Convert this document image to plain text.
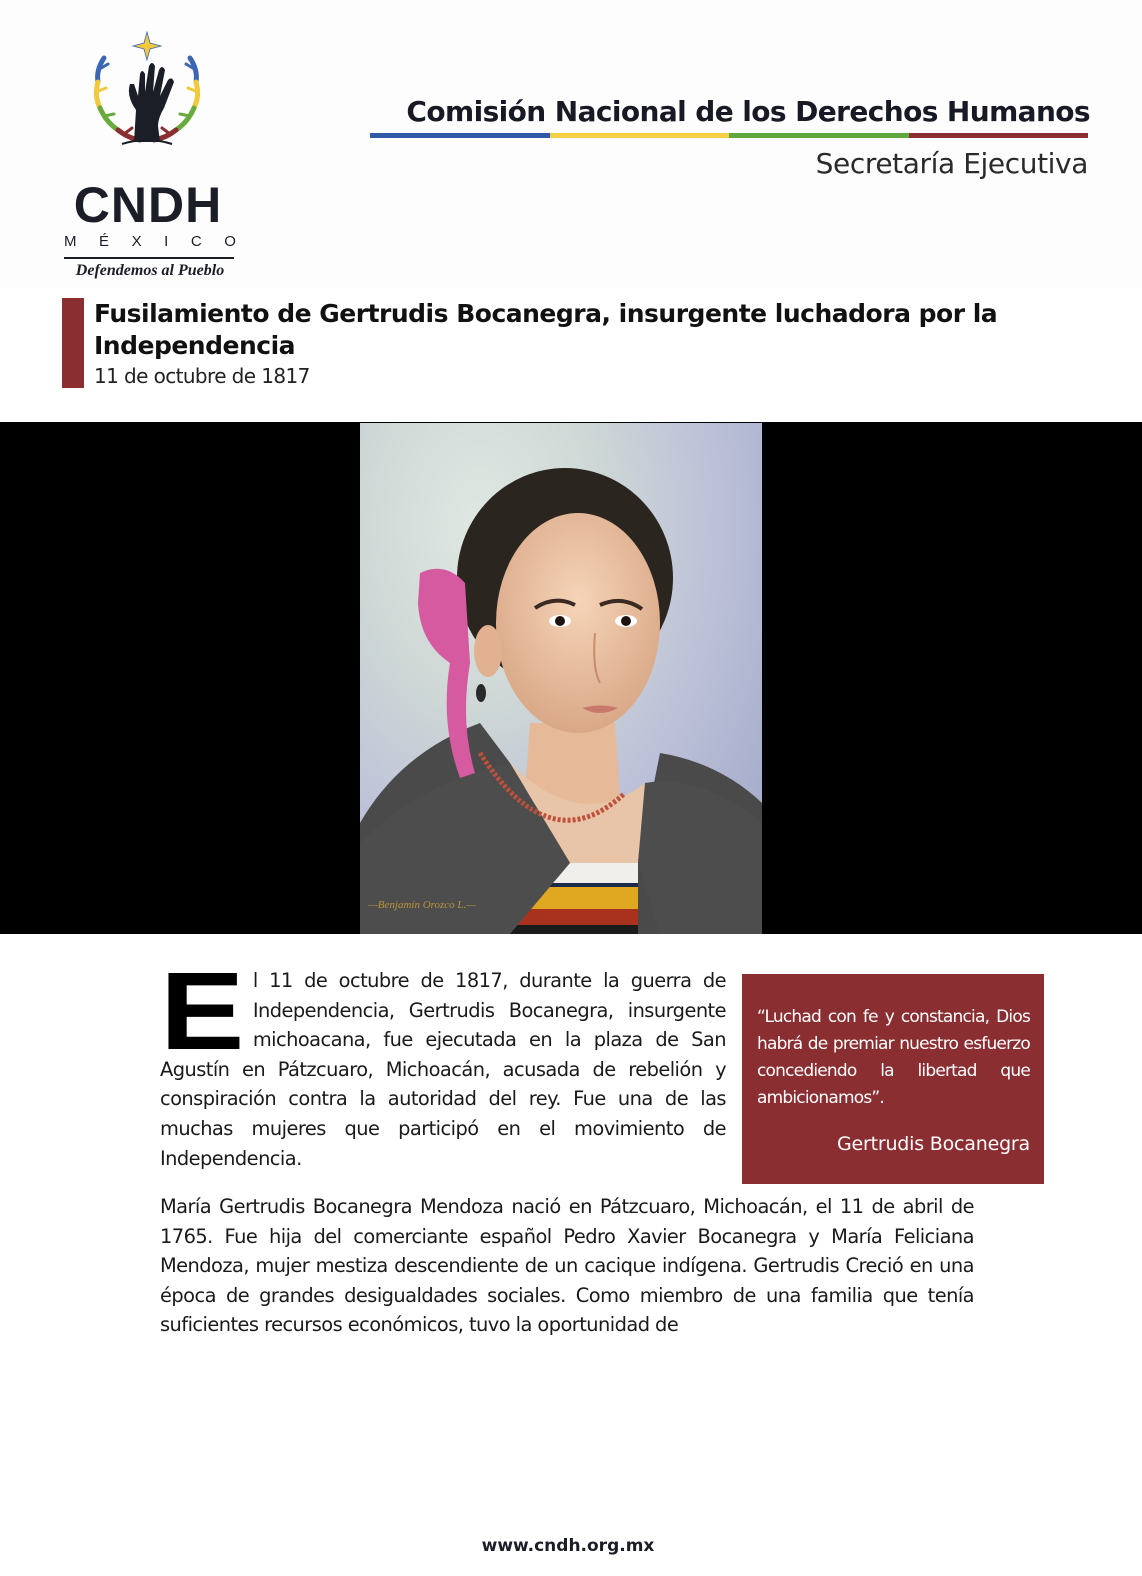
CNDH
M É X I C O
Defendemos al Pueblo
Comisión Nacional de los Derechos Humanos
Secretaría Ejecutiva
Fusilamiento de Gertrudis Bocanegra, insurgente luchadora por la Independencia
11 de octubre de 1817
—Benjamín Orozco L.—
El 11 de octubre de 1817, durante la guerra de Independencia, Gertrudis Bocanegra, insurgente michoacana, fue ejecutada en la plaza de San Agustín en Pátzcuaro, Michoacán, acusada de rebelión y conspiración contra la autoridad del rey. Fue una de las muchas mujeres que participó en el movimiento de Independencia.

“Luchad con fe y constancia, Dios habrá de premiar nuestro esfuerzo concediendo la libertad que ambicionamos”.

Gertrudis Bocanegra

María Gertrudis Bocanegra Mendoza nació en Pátzcuaro, Michoacán, el 11 de abril de 1765. Fue hija del comerciante español Pedro Xavier Bocanegra y María Feliciana Mendoza, mujer mestiza descendiente de un cacique indígena. Gertrudis Creció en una época de grandes desigualdades sociales. Como miembro de una familia que tenía suficientes recursos económicos, tuvo la oportunidad de

www.cndh.org.mx
